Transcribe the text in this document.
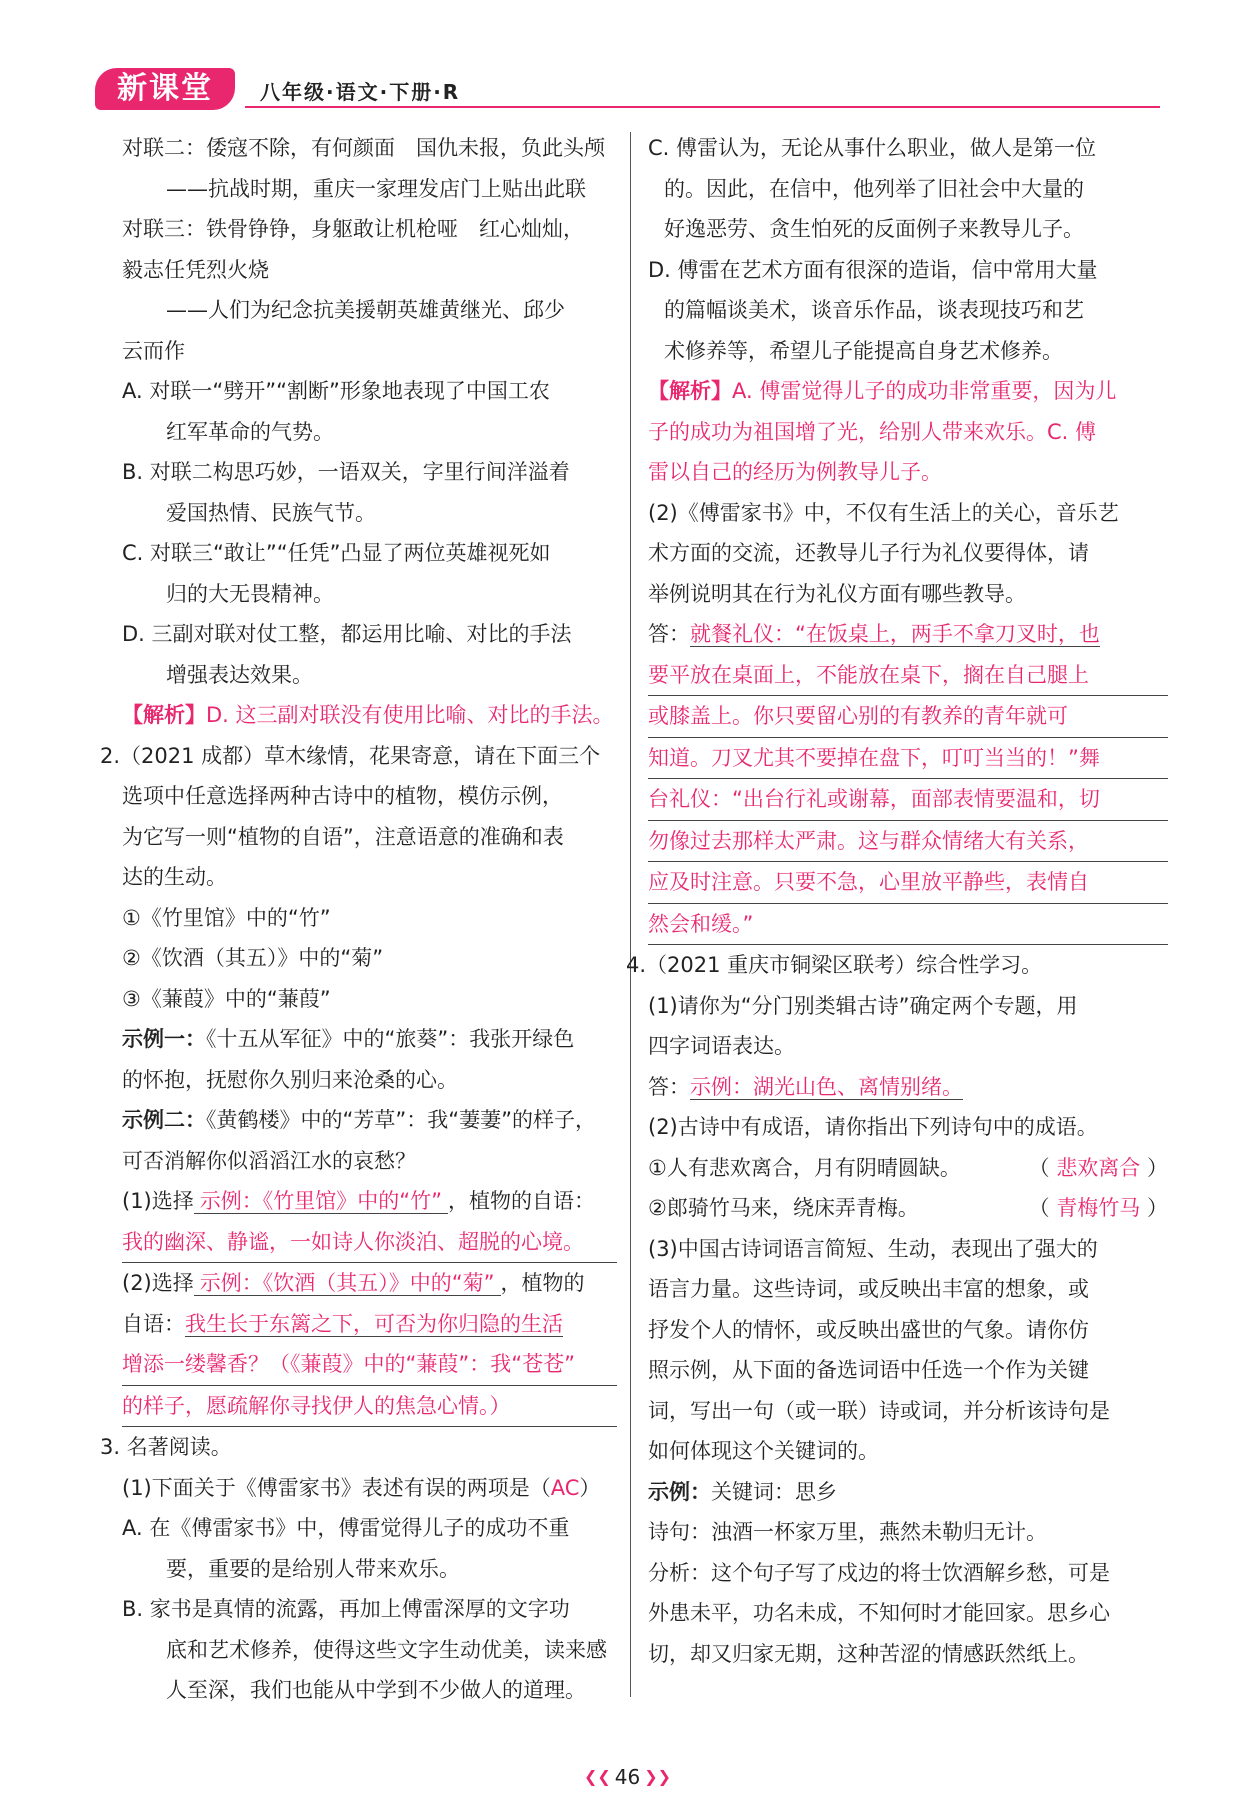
新课堂	八年级·语文·下册·R
对联二：倭寇不除，有何颜面　国仇未报，负此头颅
——抗战时期，重庆一家理发店门上贴出此联
对联三：铁骨铮铮，身躯敢让机枪哑　红心灿灿，
毅志任凭烈火烧
——人们为纪念抗美援朝英雄黄继光、邱少
云而作
A. 对联一“劈开”“割断”形象地表现了中国工农
红军革命的气势。
B. 对联二构思巧妙，一语双关，字里行间洋溢着
爱国热情、民族气节。
C. 对联三“敢让”“任凭”凸显了两位英雄视死如
归的大无畏精神。
D. 三副对联对仗工整，都运用比喻、对比的手法
增强表达效果。
【解析】D. 这三副对联没有使用比喻、对比的手法。
2.（2021 成都）草木缘情，花果寄意，请在下面三个
选项中任意选择两种古诗中的植物，模仿示例，
为它写一则“植物的自语”，注意语意的准确和表
达的生动。
①《竹里馆》中的“竹”
②《饮酒（其五）》中的“菊”
③《蒹葭》中的“蒹葭”
示例一：《十五从军征》中的“旅葵”：我张开绿色
的怀抱，抚慰你久别归来沧桑的心。
示例二：《黄鹤楼》中的“芳草”：我“萋萋”的样子，
可否消解你似滔滔江水的哀愁？
(1)选择 示例：《竹里馆》中的“竹” ，植物的自语：
我的幽深、静谧，一如诗人你淡泊、超脱的心境。
(2)选择 示例：《饮酒（其五）》中的“菊” ，植物的
自语：我生长于东篱之下，可否为你归隐的生活
增添一缕馨香？（《蒹葭》中的“蒹葭”：我“苍苍”
的样子，愿疏解你寻找伊人的焦急心情。）
3. 名著阅读。
(1)下面关于《傅雷家书》表述有误的两项是（AC）
A. 在《傅雷家书》中，傅雷觉得儿子的成功不重
要，重要的是给别人带来欢乐。
B. 家书是真情的流露，再加上傅雷深厚的文字功
底和艺术修养，使得这些文字生动优美，读来感
人至深，我们也能从中学到不少做人的道理。
C. 傅雷认为，无论从事什么职业，做人是第一位
的。因此，在信中，他列举了旧社会中大量的
好逸恶劳、贪生怕死的反面例子来教导儿子。
D. 傅雷在艺术方面有很深的造诣，信中常用大量
的篇幅谈美术，谈音乐作品，谈表现技巧和艺
术修养等，希望儿子能提高自身艺术修养。
【解析】A. 傅雷觉得儿子的成功非常重要，因为儿
子的成功为祖国增了光，给别人带来欢乐。C. 傅
雷以自己的经历为例教导儿子。
(2)《傅雷家书》中，不仅有生活上的关心，音乐艺
术方面的交流，还教导儿子行为礼仪要得体，请
举例说明其在行为礼仪方面有哪些教导。
答：就餐礼仪：“在饭桌上，两手不拿刀叉时，也
要平放在桌面上，不能放在桌下，搁在自己腿上
或膝盖上。你只要留心别的有教养的青年就可
知道。刀叉尤其不要掉在盘下，叮叮当当的！”舞
台礼仪：“出台行礼或谢幕，面部表情要温和，切
勿像过去那样太严肃。这与群众情绪大有关系，
应及时注意。只要不急，心里放平静些，表情自
然会和缓。”
4.（2021 重庆市铜梁区联考）综合性学习。
(1)请你为“分门别类辑古诗”确定两个专题，用
四字词语表达。
答：示例：湖光山色、离情别绪。
(2)古诗中有成语，请你指出下列诗句中的成语。
①人有悲欢离合，月有阴晴圆缺。	（ 悲欢离合 ）
②郎骑竹马来，绕床弄青梅。	（ 青梅竹马 ）
(3)中国古诗词语言简短、生动，表现出了强大的
语言力量。这些诗词，或反映出丰富的想象，或
抒发个人的情怀，或反映出盛世的气象。请你仿
照示例，从下面的备选词语中任选一个作为关键
词，写出一句（或一联）诗或词，并分析该诗句是
如何体现这个关键词的。
示例：关键词：思乡
诗句：浊酒一杯家万里，燕然未勒归无计。
分析：这个句子写了戍边的将士饮酒解乡愁，可是
外患未平，功名未成，不知何时才能回家。思乡心
切，却又归家无期，这种苦涩的情感跃然纸上。
❮❮ 46 ❯❯
